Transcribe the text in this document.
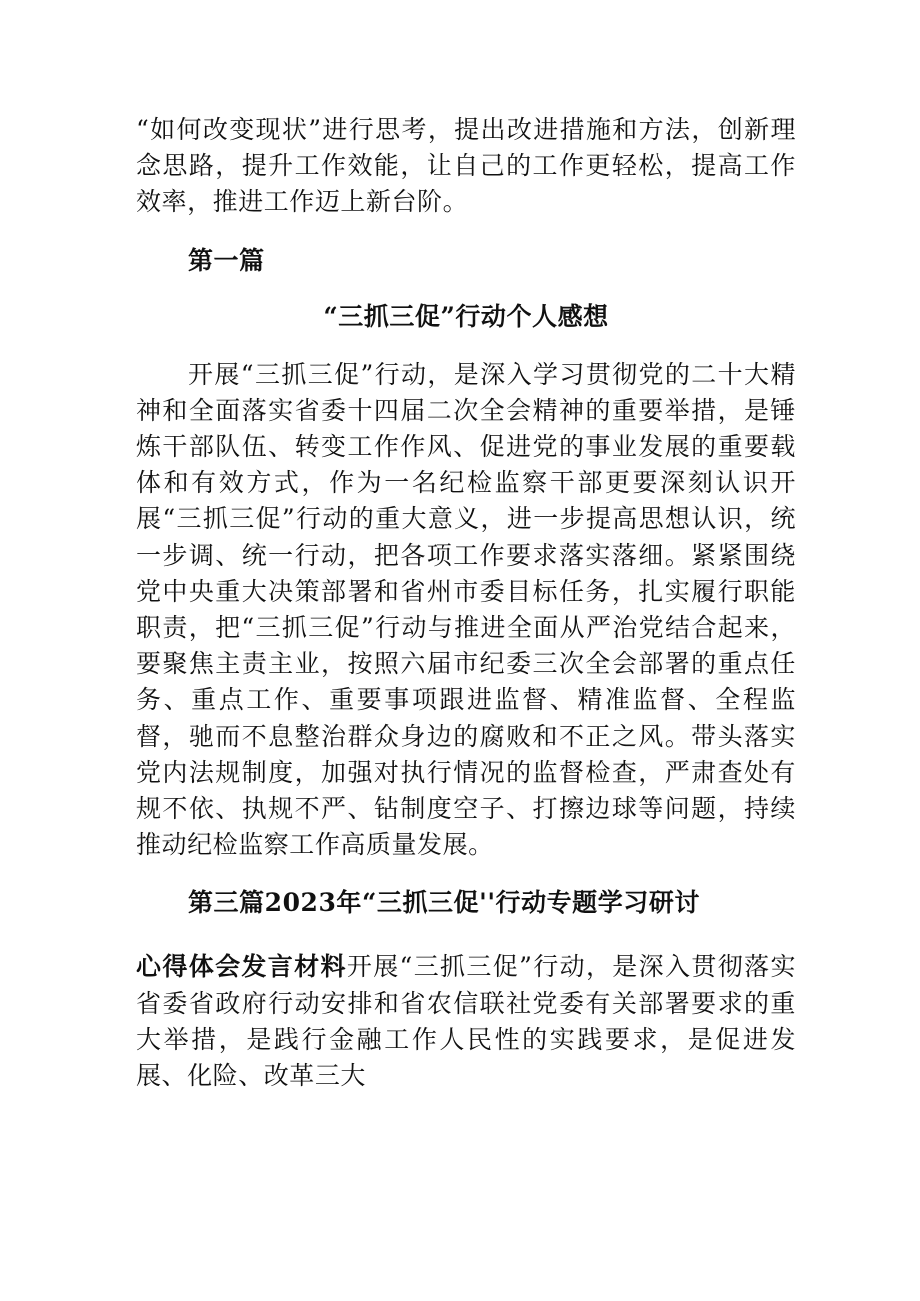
“如何改变现状”进行思考，提出改进措施和方法，创新理念思路，提升工作效能，让自己的工作更轻松，提高工作效率，推进工作迈上新台阶。

第一篇

“三抓三促”行动个人感想

开展“三抓三促”行动，是深入学习贯彻党的二十大精神和全面落实省委十四届二次全会精神的重要举措，是锤炼干部队伍、转变工作作风、促进党的事业发展的重要载体和有效方式，作为一名纪检监察干部更要深刻认识开展“三抓三促”行动的重大意义，进一步提高思想认识，统一步调、统一行动，把各项工作要求落实落细。紧紧围绕党中央重大决策部署和省州市委目标任务，扎实履行职能职责，把“三抓三促”行动与推进全面从严治党结合起来，要聚焦主责主业，按照六届市纪委三次全会部署的重点任务、重点工作、重要事项跟进监督、精准监督、全程监督，驰而不息整治群众身边的腐败和不正之风。带头落实党内法规制度，加强对执行情况的监督检查，严肃查处有规不依、执规不严、钻制度空子、打擦边球等问题，持续推动纪检监察工作高质量发展。

第三篇2023年“三抓三促''行动专题学习研讨

心得体会发言材料开展“三抓三促”行动，是深入贯彻落实省委省政府行动安排和省农信联社党委有关部署要求的重大举措，是践行金融工作人民性的实践要求，是促进发展、化险、改革三大
